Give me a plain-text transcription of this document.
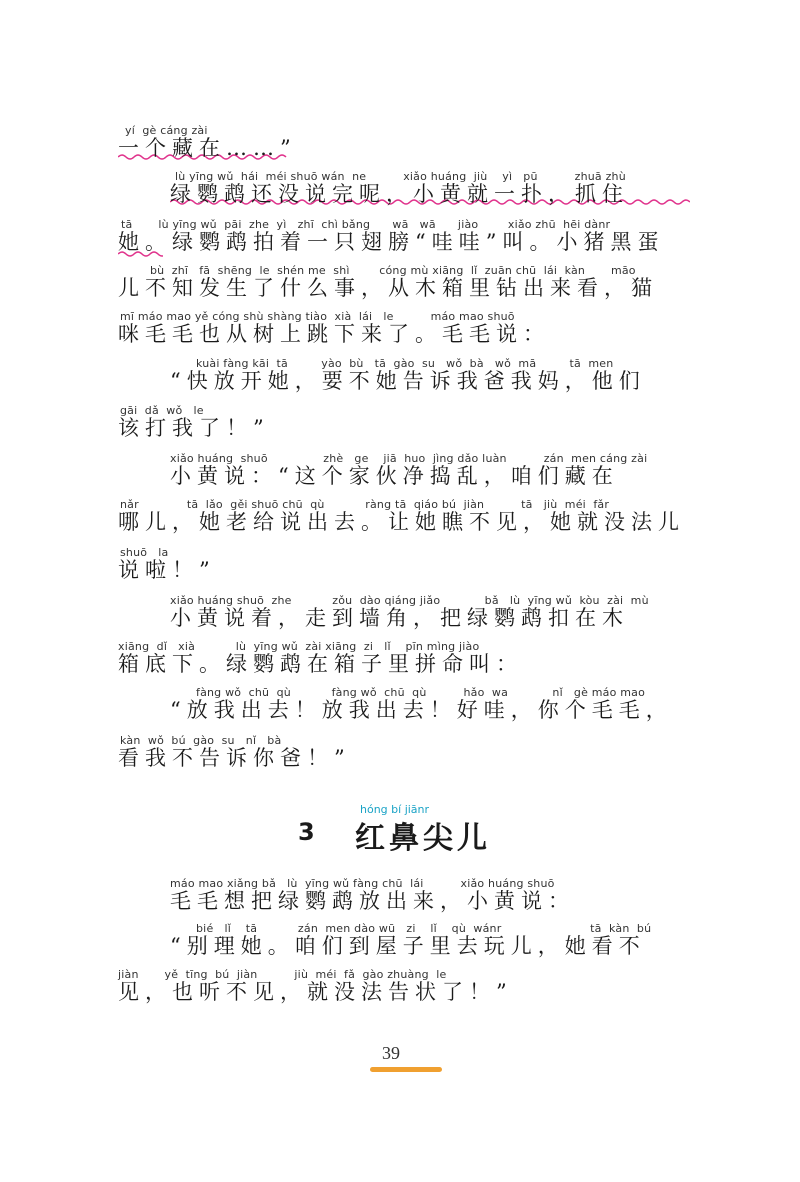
yí  gè cáng zài
一个藏在……”
lù yīng wǔ  hái  méi shuō wán  ne          xiǎo huáng  jiù    yì   pū          zhuā zhù
绿鹦鹉还没说完呢，小黄就一扑，抓住
tā       lù yīng wǔ  pāi  zhe  yì   zhī  chì bǎng      wā   wā      jiào        xiǎo zhū  hēi dànr
她。绿鹦鹉拍着一只翅膀“哇哇”叫。小猪黑蛋
bù  zhī   fā  shēng  le  shén me  shì        cóng mù xiāng  lǐ  zuān chū  lái  kàn       māo
儿不知发生了什么事，从木箱里钻出来看，猫
mī máo mao yě cóng shù shàng tiào  xià  lái   le          máo mao shuō
咪毛毛也从树上跳下来了。毛毛说：
kuài fàng kāi  tā         yào  bù   tā  gào  su   wǒ  bà   wǒ  mā         tā  men
“快放开她，要不她告诉我爸我妈，他们
gāi  dǎ  wǒ   le
该打我了！”
xiǎo huáng  shuō               zhè   ge    jiā  huo  jìng dǎo luàn          zán  men cáng zài
小黄说：“这个家伙净捣乱，咱们藏在
nǎr             tā  lǎo  gěi shuō chū  qù           ràng tā  qiáo bú  jiàn          tā   jiù  méi  fǎr
哪儿，她老给说出去。让她瞧不见，她就没法儿
shuō   la
说啦！”
xiǎo huáng shuō  zhe           zǒu  dào qiáng jiǎo            bǎ   lù  yīng wǔ  kòu  zài  mù
小黄说着，走到墙角，把绿鹦鹉扣在木
xiāng  dǐ   xià           lù  yīng wǔ  zài xiāng  zi   lǐ    pīn mìng jiào
箱底下。绿鹦鹉在箱子里拼命叫：
fàng wǒ  chū  qù           fàng wǒ  chū  qù          hǎo  wa            nǐ   gè máo mao
“放我出去！放我出去！好哇，你个毛毛，
kàn  wǒ  bú  gào  su   nǐ   bà
看我不告诉你爸！”
hóng bí jiānr
3 红鼻尖儿
máo mao xiǎng bǎ   lù  yīng wǔ fàng chū  lái          xiǎo huáng shuō
毛毛想把绿鹦鹉放出来，小黄说：
bié   lǐ    tā           zán  men dào wū   zi    lǐ    qù  wánr                        tā  kàn  bú
“别理她。咱们到屋子里去玩儿，她看不
jiàn       yě  tīng  bú  jiàn          jiù  méi  fǎ  gào zhuàng  le
见，也听不见，就没法告状了！”
39
